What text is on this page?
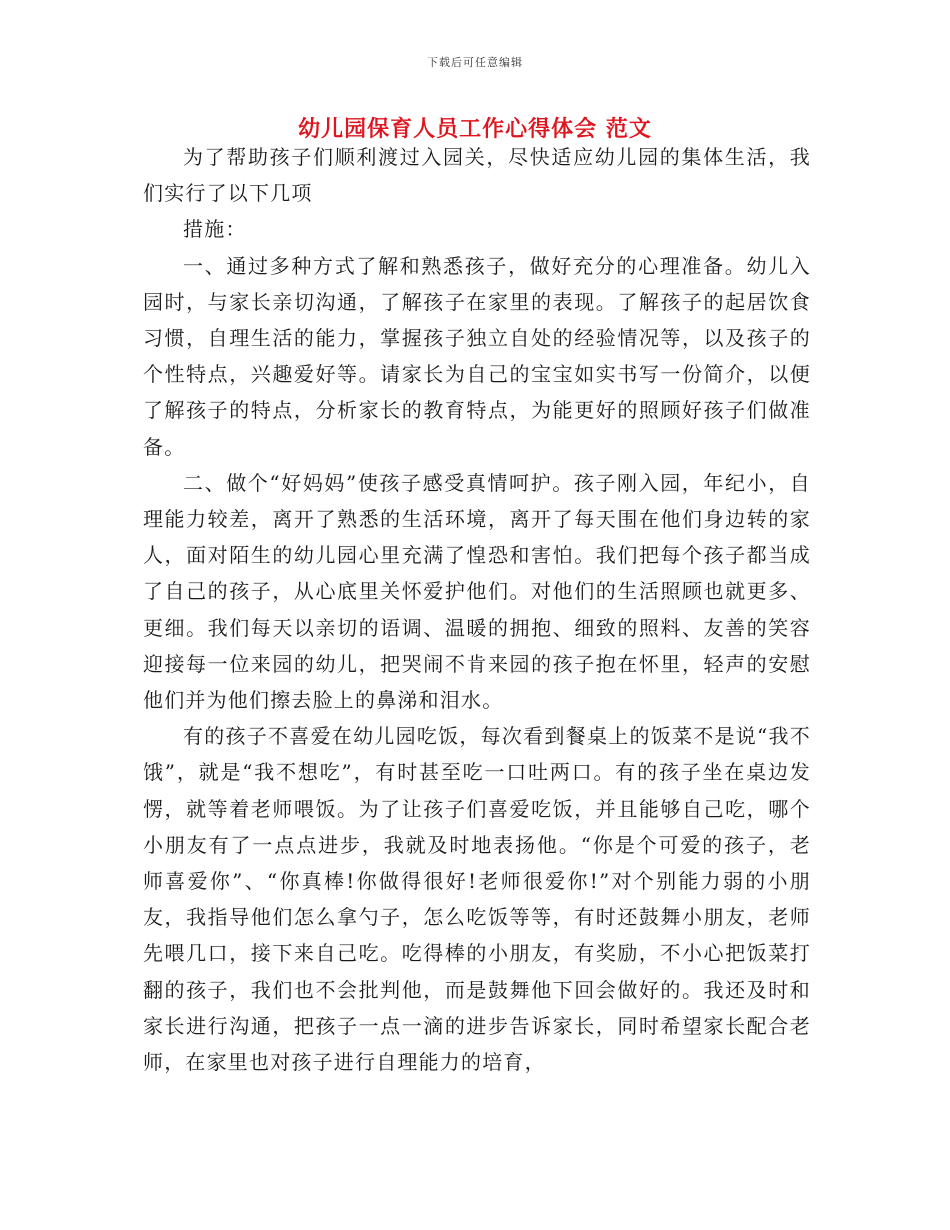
下载后可任意编辑
幼儿园保育人员工作心得体会 范文

为了帮助孩子们顺利渡过入园关，尽快适应幼儿园的集体生活，我们实行了以下几项

措施：

一、通过多种方式了解和熟悉孩子，做好充分的心理准备。幼儿入园时，与家长亲切沟通，了解孩子在家里的表现。了解孩子的起居饮食习惯，自理生活的能力，掌握孩子独立自处的经验情况等，以及孩子的个性特点，兴趣爱好等。请家长为自己的宝宝如实书写一份简介，以便了解孩子的特点，分析家长的教育特点，为能更好的照顾好孩子们做准备。

二、做个“好妈妈”使孩子感受真情呵护。孩子刚入园，年纪小，自理能力较差，离开了熟悉的生活环境，离开了每天围在他们身边转的家人，面对陌生的幼儿园心里充满了惶恐和害怕。我们把每个孩子都当成了自己的孩子，从心底里关怀爱护他们。对他们的生活照顾也就更多、更细。我们每天以亲切的语调、温暖的拥抱、细致的照料、友善的笑容迎接每一位来园的幼儿，把哭闹不肯来园的孩子抱在怀里，轻声的安慰他们并为他们擦去脸上的鼻涕和泪水。

有的孩子不喜爱在幼儿园吃饭，每次看到餐桌上的饭菜不是说“我不饿”，就是“我不想吃”，有时甚至吃一口吐两口。有的孩子坐在桌边发愣，就等着老师喂饭。为了让孩子们喜爱吃饭，并且能够自己吃，哪个小朋友有了一点点进步，我就及时地表扬他。“你是个可爱的孩子，老师喜爱你”、“你真棒!你做得很好!老师很爱你!”对个别能力弱的小朋友，我指导他们怎么拿勺子，怎么吃饭等等，有时还鼓舞小朋友，老师先喂几口，接下来自己吃。吃得棒的小朋友，有奖励，不小心把饭菜打翻的孩子，我们也不会批判他，而是鼓舞他下回会做好的。我还及时和家长进行沟通，把孩子一点一滴的进步告诉家长，同时希望家长配合老师，在家里也对孩子进行自理能力的培育，
